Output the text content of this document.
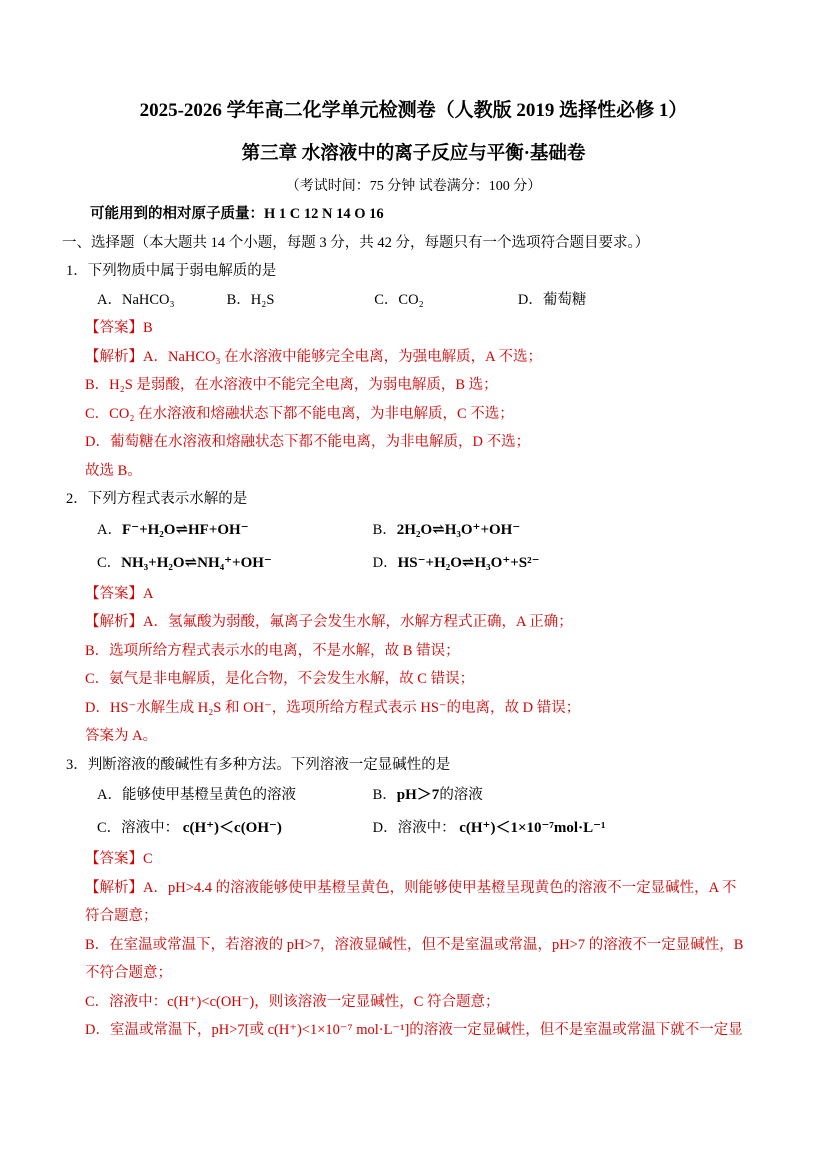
2025-2026 学年高二化学单元检测卷（人教版 2019 选择性必修 1）
第三章 水溶液中的离子反应与平衡·基础卷
（考试时间：75 分钟 试卷满分：100 分）
可能用到的相对原子质量：H 1 C 12 N 14 O 16
一、选择题（本大题共 14 个小题，每题 3 分，共 42 分，每题只有一个选项符合题目要求。）
1．下列物质中属于弱电解质的是
A．NaHCO₃	B．H₂S	C．CO₂	D．葡萄糖
【答案】B
【解析】A．NaHCO₃ 在水溶液中能够完全电离，为强电解质，A 不选；
B．H₂S 是弱酸，在水溶液中不能完全电离，为弱电解质，B 选；
C．CO₂ 在水溶液和熔融状态下都不能电离，为非电解质，C 不选；
D．葡萄糖在水溶液和熔融状态下都不能电离，为非电解质，D 不选；
故选 B。
2．下列方程式表示水解的是
A．F⁻+H₂O⇌HF+OH⁻	B．2H₂O⇌H₃O⁺+OH⁻
C．NH₃+H₂O⇌NH₄⁺+OH⁻	D．HS⁻+H₂O⇌H₃O⁺+S²⁻
【答案】A
【解析】A．氢氟酸为弱酸，氟离子会发生水解，水解方程式正确，A 正确；
B．选项所给方程式表示水的电离，不是水解，故 B 错误；
C．氨气是非电解质，是化合物，不会发生水解，故 C 错误；
D．HS⁻水解生成 H₂S 和 OH⁻，选项所给方程式表示 HS⁻的电离，故 D 错误；
答案为 A。
3．判断溶液的酸碱性有多种方法。下列溶液一定显碱性的是
A．能够使甲基橙呈黄色的溶液	B．pH＞7的溶液
C．溶液中： c(H⁺)＜c(OH⁻)	D．溶液中： c(H⁺)＜1×10⁻⁷mol·L⁻¹
【答案】C
【解析】A．pH>4.4 的溶液能够使甲基橙呈黄色，则能够使甲基橙呈现黄色的溶液不一定显碱性，A 不
符合题意；
B．在室温或常温下，若溶液的 pH>7，溶液显碱性，但不是室温或常温，pH>7 的溶液不一定显碱性，B
不符合题意；
C．溶液中：c(H⁺)<c(OH⁻)，则该溶液一定显碱性，C 符合题意；
D．室温或常温下，pH>7[或 c(H⁺)<1×10⁻⁷ mol·L⁻¹]的溶液一定显碱性，但不是室温或常温下就不一定显
